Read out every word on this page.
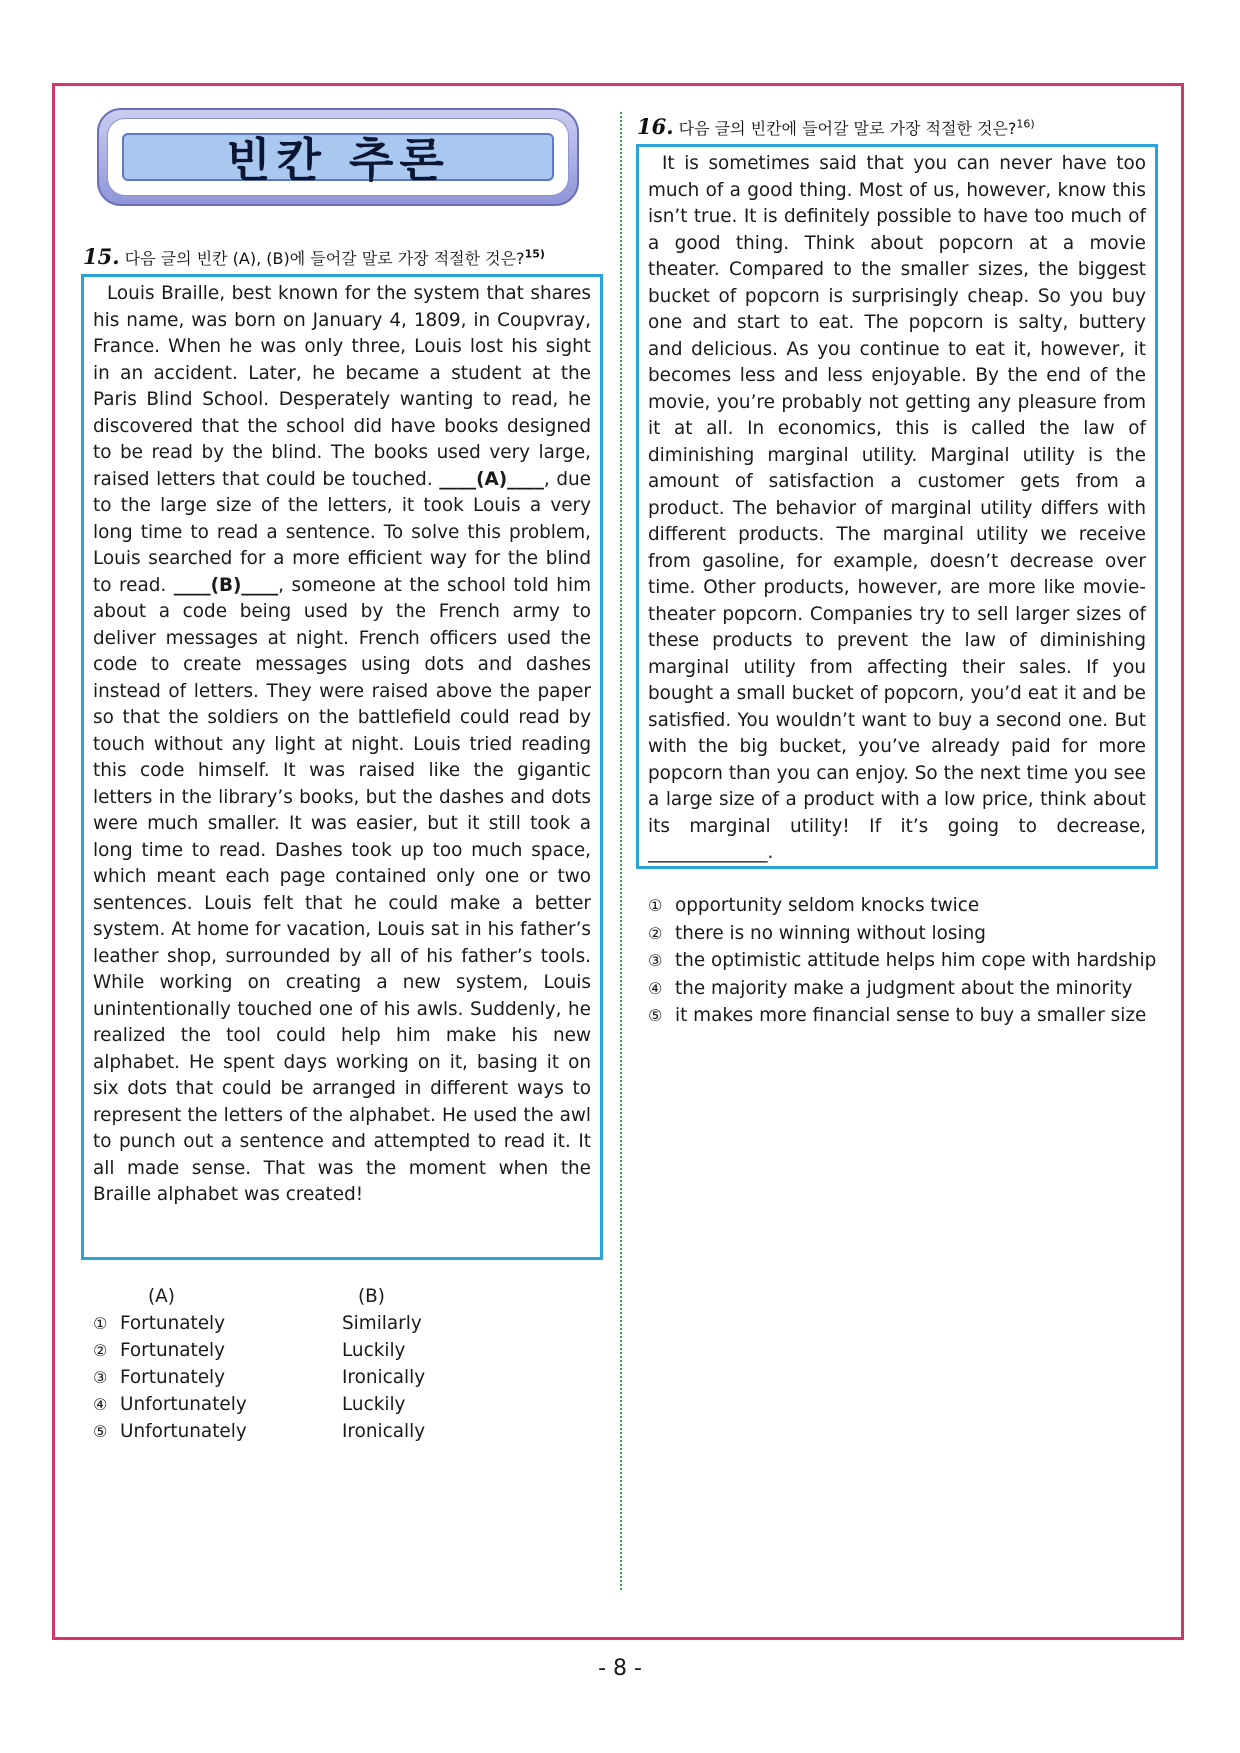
빈칸 추론
15. 다음 글의 빈칸 (A), (B)에 들어갈 말로 가장 적절한 것은?$^{15)}$

Louis Braille, best known for the system that shares his name, was born on January 4, 1809, in Coupvray, France. When he was only three, Louis lost his sight in an accident. Later, he became a student at the Paris Blind School. Desperately wanting to read, he discovered that the school did have books designed to be read by the blind. The books used very large, raised letters that could be touched. ____(A)____, due to the large size of the letters, it took Louis a very long time to read a sentence. To solve this problem, Louis searched for a more efficient way for the blind to read. ____(B)____, someone at the school told him about a code being used by the French army to deliver messages at night. French officers used the code to create messages using dots and dashes instead of letters. They were raised above the paper so that the soldiers on the battlefield could read by touch without any light at night. Louis tried reading this code himself. It was raised like the gigantic letters in the library’s books, but the dashes and dots were much smaller. It was easier, but it still took a long time to read. Dashes took up too much space, which meant each page contained only one or two sentences. Louis felt that he could make a better system. At home for vacation, Louis sat in his father’s leather shop, surrounded by all of his father’s tools. While working on creating a new system, Louis unintentionally touched one of his awls. Suddenly, he realized the tool could help him make his new alphabet. He spent days working on it, basing it on six dots that could be arranged in different ways to represent the letters of the alphabet. He used the awl to punch out a sentence and attempted to read it. It all made sense. That was the moment when the Braille alphabet was created!

(A)	(B)
① Fortunately	Similarly
② Fortunately	Luckily
③ Fortunately	Ironically
④ Unfortunately	Luckily
⑤ Unfortunately	Ironically
16. 다음 글의 빈칸에 들어갈 말로 가장 적절한 것은?$^{16)}$

It is sometimes said that you can never have too much of a good thing. Most of us, however, know this isn’t true. It is definitely possible to have too much of a good thing. Think about popcorn at a movie theater. Compared to the smaller sizes, the biggest bucket of popcorn is surprisingly cheap. So you buy one and start to eat. The popcorn is salty, buttery and delicious. As you continue to eat it, however, it becomes less and less enjoyable. By the end of the movie, you’re probably not getting any pleasure from it at all. In economics, this is called the law of diminishing marginal utility. Marginal utility is the amount of satisfaction a customer gets from a product. The behavior of marginal utility differs with different products. The marginal utility we receive from gasoline, for example, doesn’t decrease over time. Other products, however, are more like movie-theater popcorn. Companies try to sell larger sizes of these products to prevent the law of diminishing marginal utility from affecting their sales. If you bought a small bucket of popcorn, you’d eat it and be satisfied. You wouldn’t want to buy a second one. But with the big bucket, you’ve already paid for more popcorn than you can enjoy. So the next time you see a large size of a product with a low price, think about its marginal utility! If it’s going to decrease, _____________.

① opportunity seldom knocks twice
② there is no winning without losing
③ the optimistic attitude helps him cope with hardship
④ the majority make a judgment about the minority
⑤ it makes more financial sense to buy a smaller size
- 8 -
